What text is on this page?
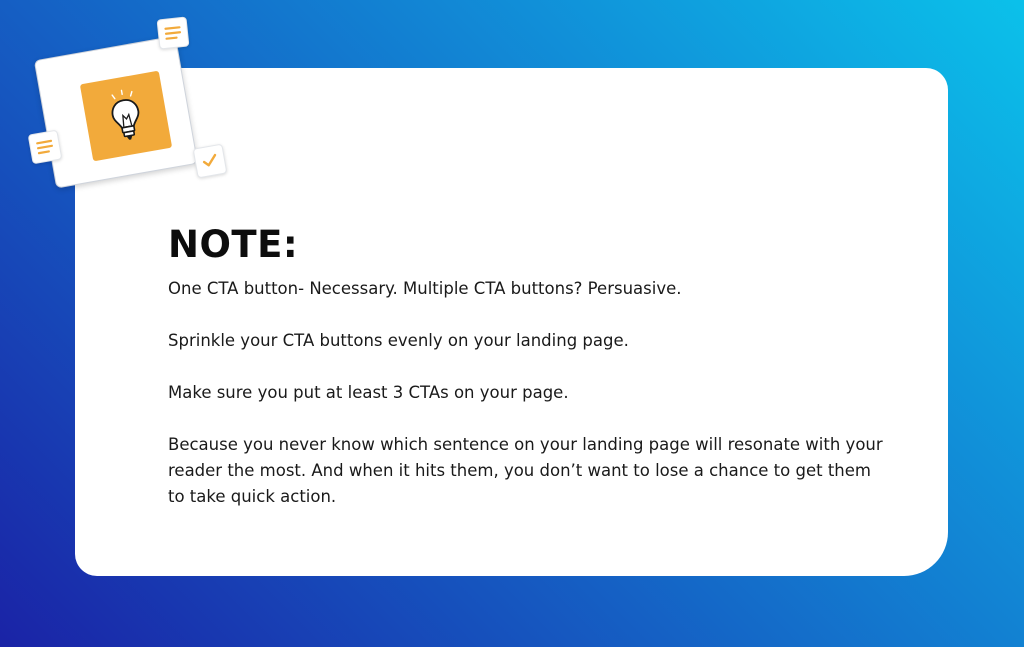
NOTE:

One CTA button- Necessary. Multiple CTA buttons? Persuasive.

Sprinkle your CTA buttons evenly on your landing page.

Make sure you put at least 3 CTAs on your page.

Because you never know which sentence on your landing page will resonate with your reader the most. And when it hits them, you don’t want to lose a chance to get them to take quick action.
